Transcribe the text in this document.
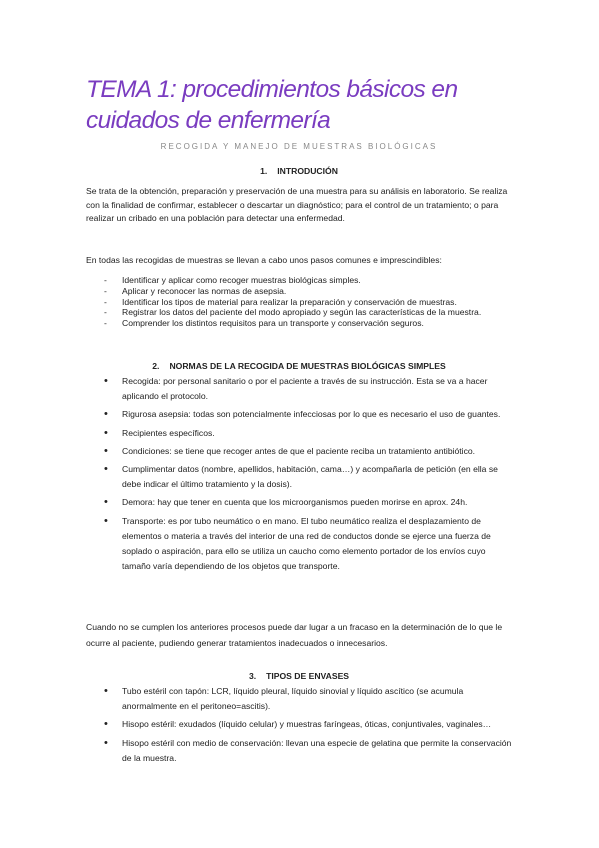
TEMA 1: procedimientos básicos en cuidados de enfermería
RECOGIDA Y MANEJO DE MUESTRAS BIOLÓGICAS
1. INTRODUCIÓN

Se trata de la obtención, preparación y preservación de una muestra para su análisis en laboratorio. Se realiza con la finalidad de confirmar, establecer o descartar un diagnóstico; para el control de un tratamiento; o para realizar un cribado en una población para detectar una enfermedad.

En todas las recogidas de muestras se llevan a cabo unos pasos comunes e imprescindibles:

- Identificar y aplicar como recoger muestras biológicas simples.
- Aplicar y reconocer las normas de asepsia.
- Identificar los tipos de material para realizar la preparación y conservación de muestras.
- Registrar los datos del paciente del modo apropiado y según las características de la muestra.
- Comprender los distintos requisitos para un transporte y conservación seguros.
2. NORMAS DE LA RECOGIDA DE MUESTRAS BIOLÓGICAS SIMPLES
• Recogida: por personal sanitario o por el paciente a través de su instrucción. Esta se va a hacer aplicando el protocolo.
• Rigurosa asepsia: todas son potencialmente infecciosas por lo que es necesario el uso de guantes.
• Recipientes específicos.
• Condiciones: se tiene que recoger antes de que el paciente reciba un tratamiento antibiótico.
• Cumplimentar datos (nombre, apellidos, habitación, cama…) y acompañarla de petición (en ella se debe indicar el último tratamiento y la dosis).
• Demora: hay que tener en cuenta que los microorganismos pueden morirse en aprox. 24h.
• Transporte: es por tubo neumático o en mano. El tubo neumático realiza el desplazamiento de elementos o materia a través del interior de una red de conductos donde se ejerce una fuerza de soplado o aspiración, para ello se utiliza un caucho como elemento portador de los envíos cuyo tamaño varía dependiendo de los objetos que transporte.

Cuando no se cumplen los anteriores procesos puede dar lugar a un fracaso en la determinación de lo que le ocurre al paciente, pudiendo generar tratamientos inadecuados o innecesarios.

3. TIPOS DE ENVASES
• Tubo estéril con tapón: LCR, líquido pleural, líquido sinovial y líquido ascítico (se acumula anormalmente en el peritoneo=ascitis).
• Hisopo estéril: exudados (líquido celular) y muestras faríngeas, óticas, conjuntivales, vaginales…
• Hisopo estéril con medio de conservación: llevan una especie de gelatina que permite la conservación de la muestra.
